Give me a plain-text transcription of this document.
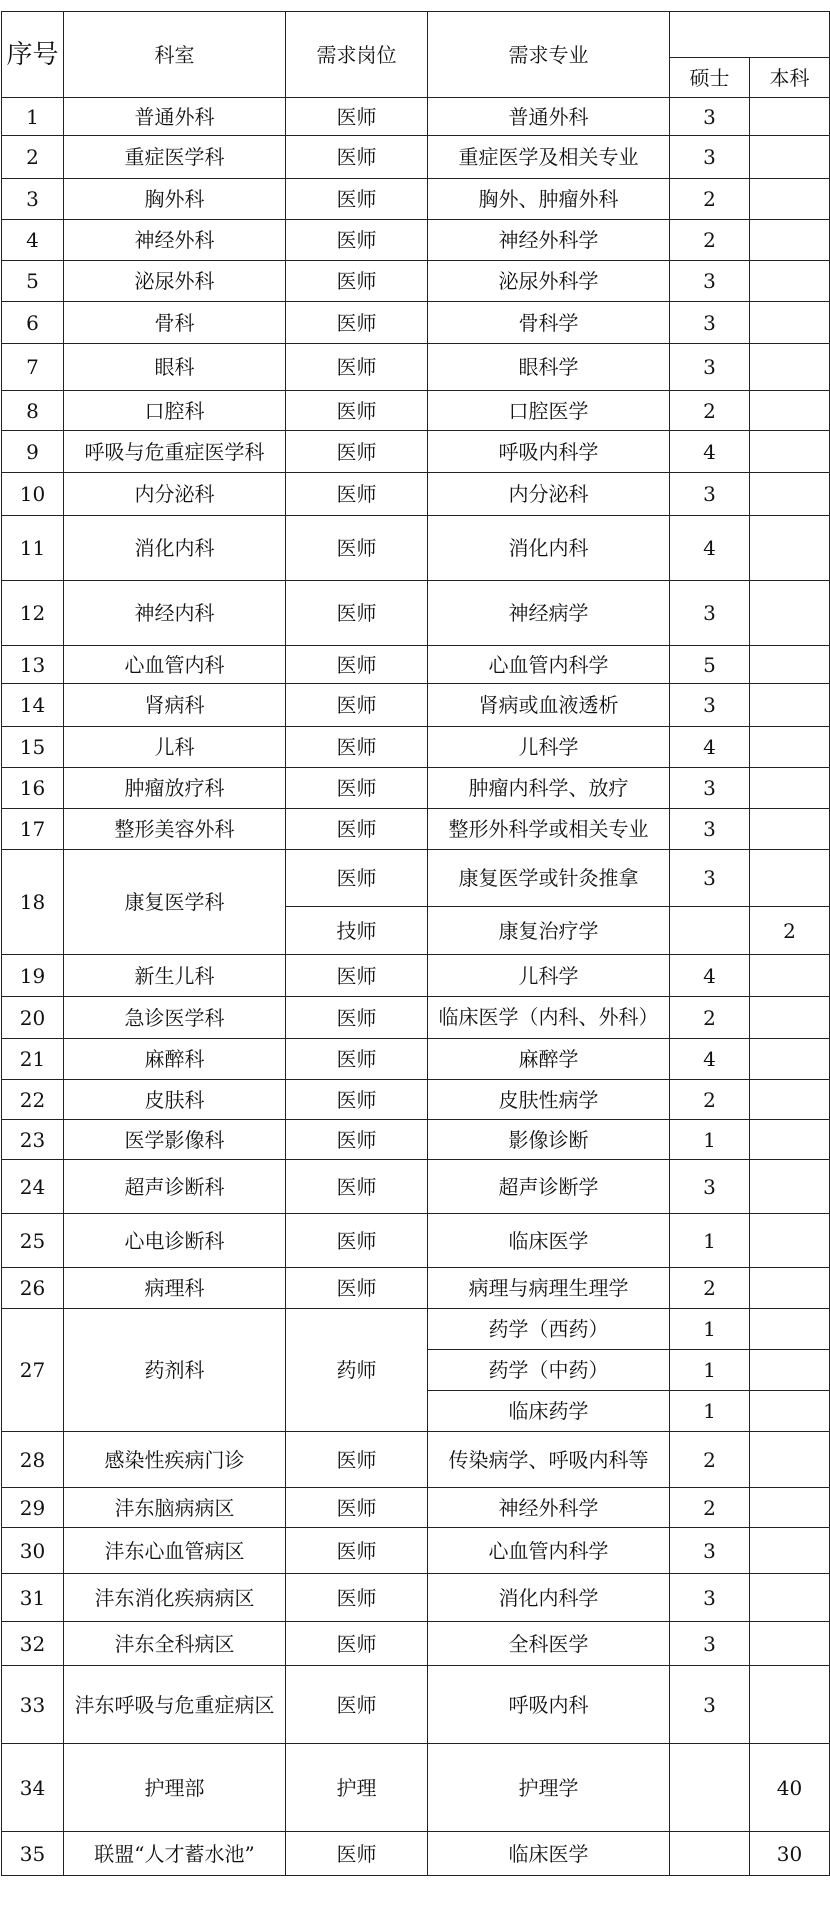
序号	科室	需求岗位	需求专业		
				硕士	本科
1	普通外科	医师	普通外科	3	
2	重症医学科	医师	重症医学及相关专业	3	
3	胸外科	医师	胸外、肿瘤外科	2	
4	神经外科	医师	神经外科学	2	
5	泌尿外科	医师	泌尿外科学	3	
6	骨科	医师	骨科学	3	
7	眼科	医师	眼科学	3	
8	口腔科	医师	口腔医学	2	
9	呼吸与危重症医学科	医师	呼吸内科学	4	
10	内分泌科	医师	内分泌科	3	
11	消化内科	医师	消化内科	4	
12	神经内科	医师	神经病学	3	
13	心血管内科	医师	心血管内科学	5	
14	肾病科	医师	肾病或血液透析	3	
15	儿科	医师	儿科学	4	
16	肿瘤放疗科	医师	肿瘤内科学、放疗	3	
17	整形美容外科	医师	整形外科学或相关专业	3	
18	康复医学科	医师	康复医学或针灸推拿	3	
		技师	康复治疗学		2
19	新生儿科	医师	儿科学	4	
20	急诊医学科	医师	临床医学（内科、外科）	2	
21	麻醉科	医师	麻醉学	4	
22	皮肤科	医师	皮肤性病学	2	
23	医学影像科	医师	影像诊断	1	
24	超声诊断科	医师	超声诊断学	3	
25	心电诊断科	医师	临床医学	1	
26	病理科	医师	病理与病理生理学	2	
27	药剂科	药师	药学（西药）	1	
			药学（中药）	1	
			临床药学	1	
28	感染性疾病门诊	医师	传染病学、呼吸内科等	2	
29	沣东脑病病区	医师	神经外科学	2	
30	沣东心血管病区	医师	心血管内科学	3	
31	沣东消化疾病病区	医师	消化内科学	3	
32	沣东全科病区	医师	全科医学	3	
33	沣东呼吸与危重症病区	医师	呼吸内科	3	
34	护理部	护理	护理学		40
35	联盟“人才蓄水池”	医师	临床医学		30
